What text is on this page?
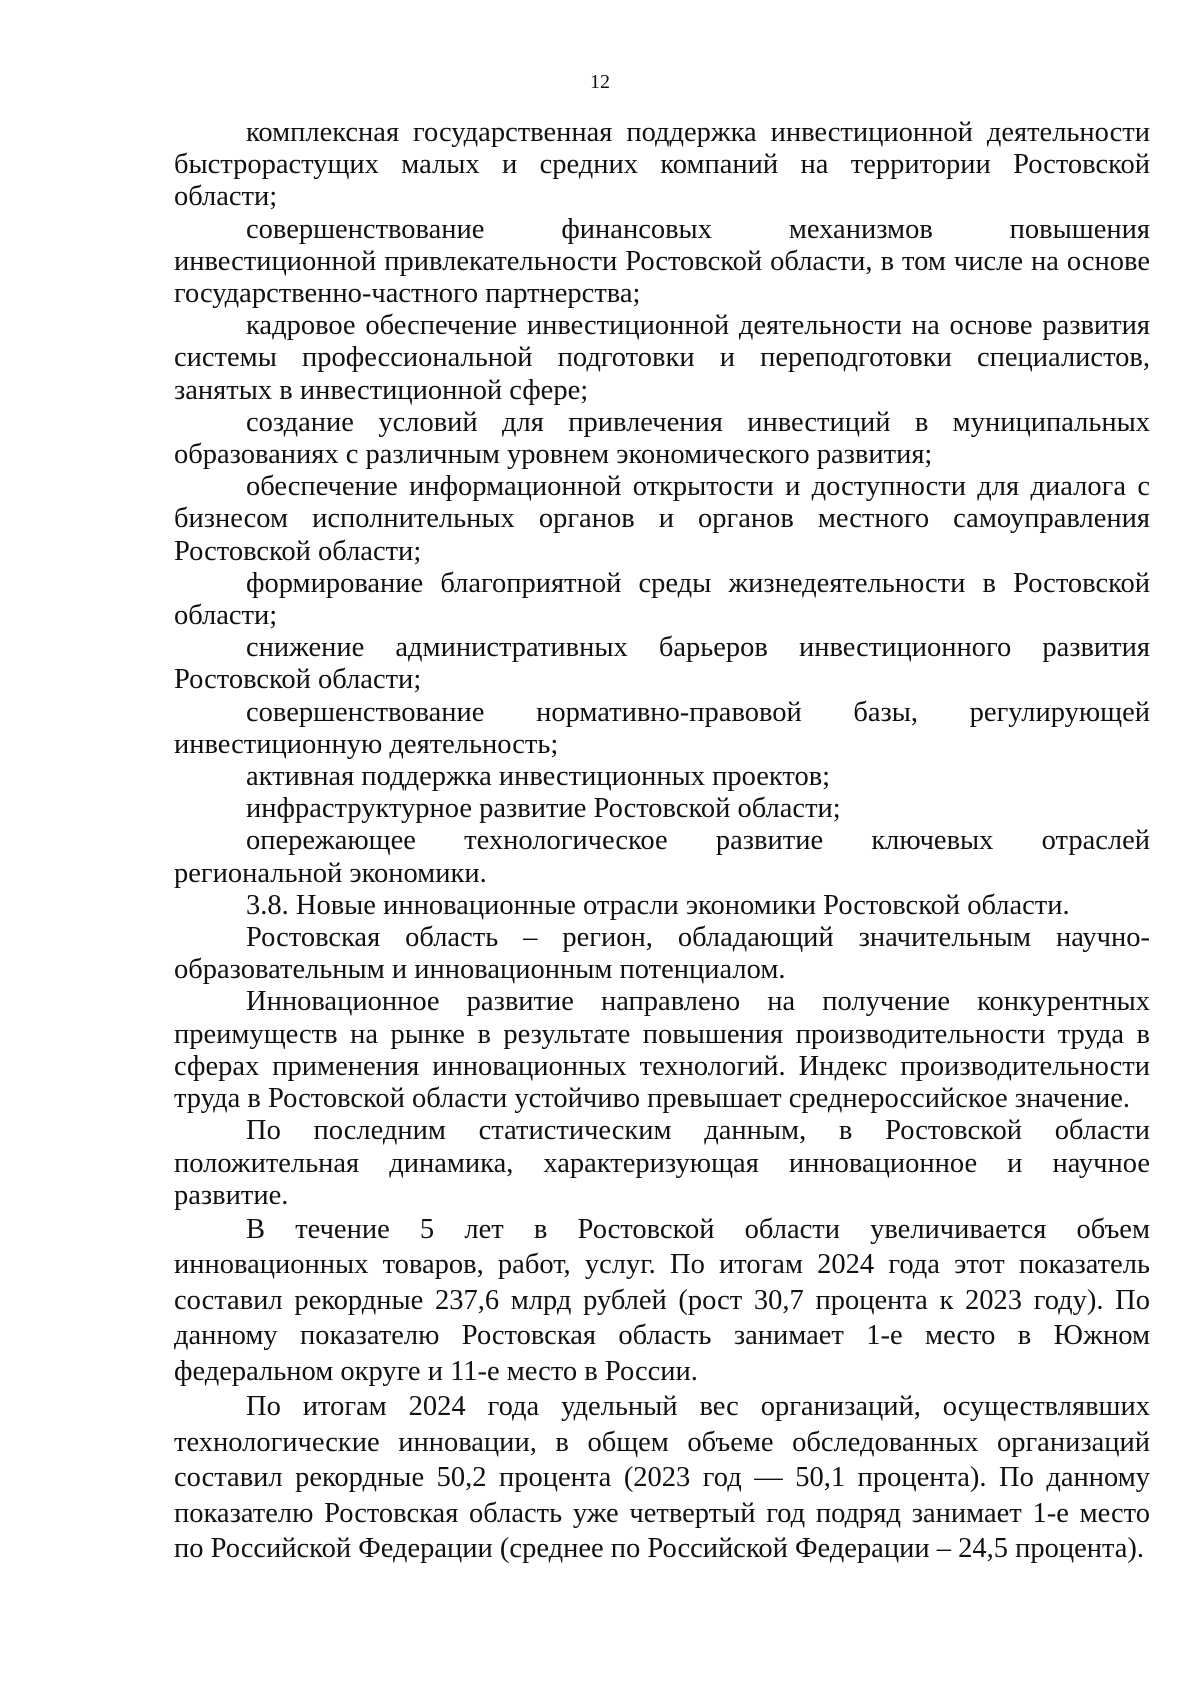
12

комплексная государственная поддержка инвестиционной деятельности быстрорастущих малых и средних компаний на территории Ростовской области;

совершенствование финансовых механизмов повышения инвестиционной привлекательности Ростовской области, в том числе на основе государственно-частного партнерства;

кадровое обеспечение инвестиционной деятельности на основе развития системы профессиональной подготовки и переподготовки специалистов, занятых в инвестиционной сфере;

создание условий для привлечения инвестиций в муниципальных образованиях с различным уровнем экономического развития;

обеспечение информационной открытости и доступности для диалога с бизнесом исполнительных органов и органов местного самоуправления Ростовской области;

формирование благоприятной среды жизнедеятельности в Ростовской области;

снижение административных барьеров инвестиционного развития Ростовской области;

совершенствование нормативно-правовой базы, регулирующей инвестиционную деятельность;

активная поддержка инвестиционных проектов;

инфраструктурное развитие Ростовской области;

опережающее технологическое развитие ключевых отраслей региональной экономики.

3.8. Новые инновационные отрасли экономики Ростовской области.

Ростовская область – регион, обладающий значительным научно-образовательным и инновационным потенциалом.

Инновационное развитие направлено на получение конкурентных преимуществ на рынке в результате повышения производительности труда в сферах применения инновационных технологий. Индекс производительности труда в Ростовской области устойчиво превышает среднероссийское значение.

По последним статистическим данным, в Ростовской области положительная динамика, характеризующая инновационное и научное развитие.

В течение 5 лет в Ростовской области увеличивается объем инновационных товаров, работ, услуг. По итогам 2024 года этот показатель составил рекордные 237,6 млрд рублей (рост 30,7 процента к 2023 году). По данному показателю Ростовская область занимает 1-е место в Южном федеральном округе и 11-е место в России.

По итогам 2024 года удельный вес организаций, осуществлявших технологические инновации, в общем объеме обследованных организаций составил рекордные 50,2 процента (2023 год — 50,1 процента). По данному показателю Ростовская область уже четвертый год подряд занимает 1-е место по Российской Федерации (среднее по Российской Федерации – 24,5 процента).
